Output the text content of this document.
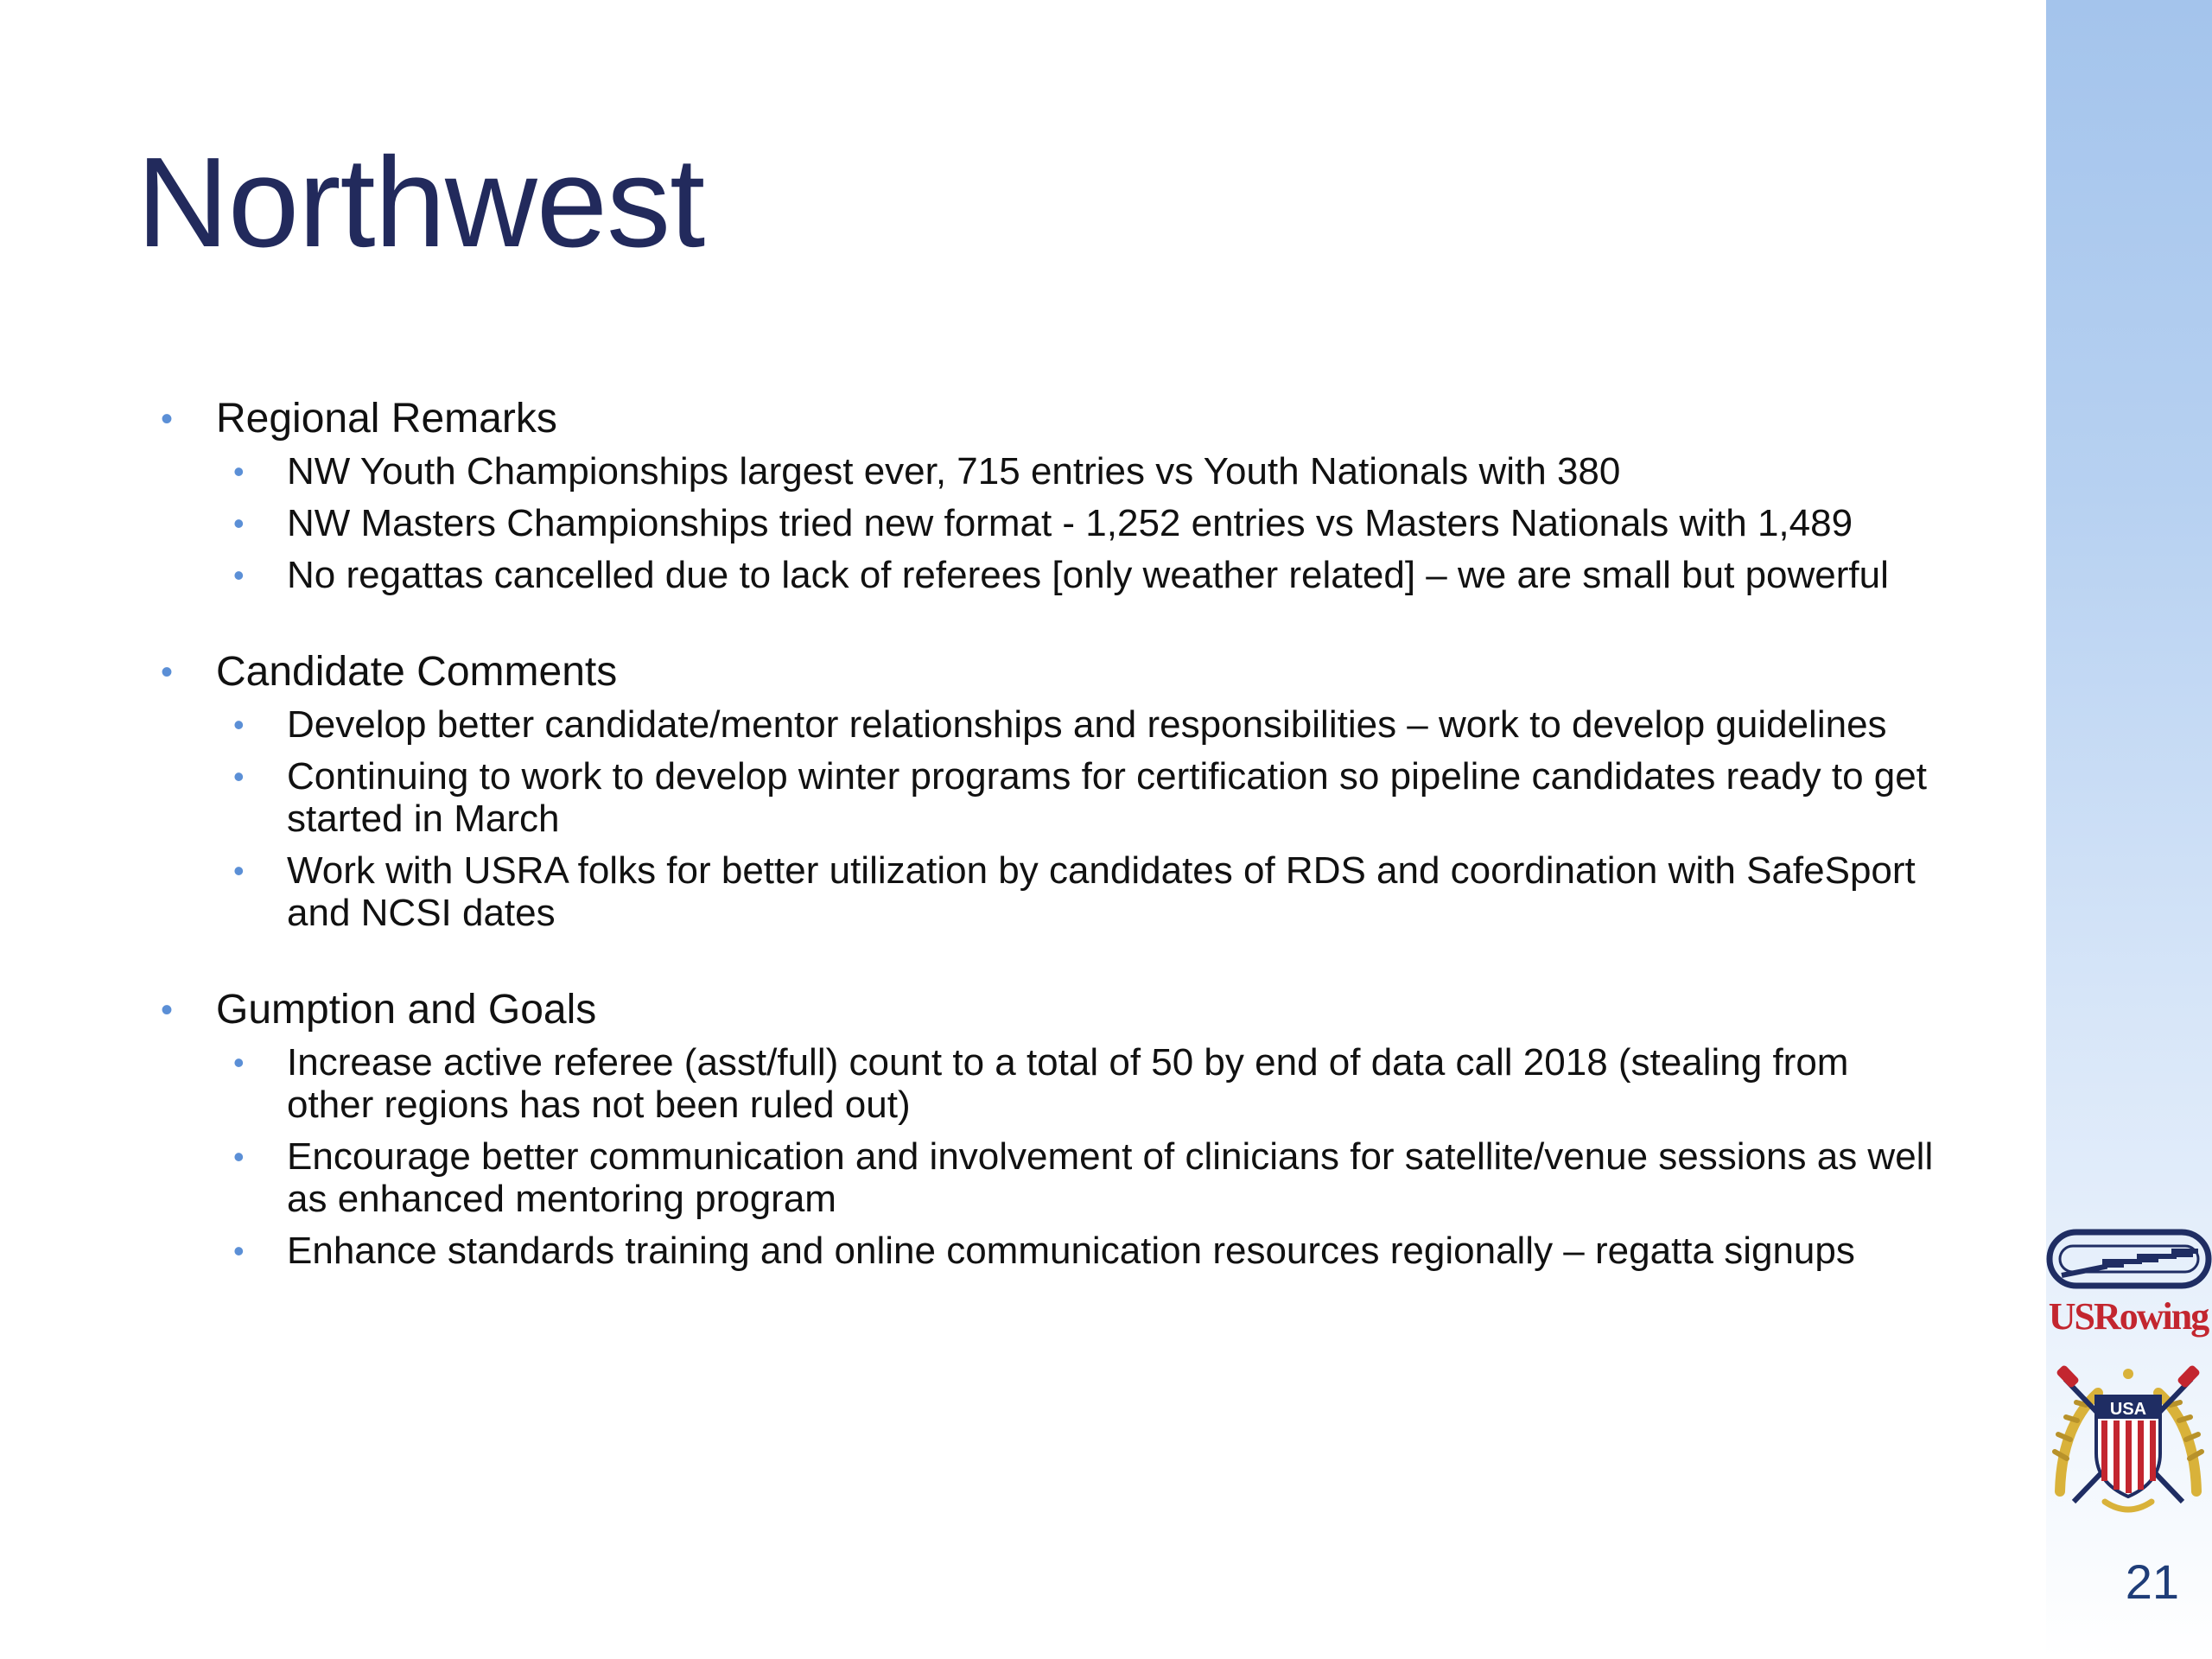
Northwest
• Regional Remarks
• NW Youth Championships largest ever, 715 entries vs Youth Nationals with 380
• NW Masters Championships tried new format - 1,252 entries vs Masters Nationals with 1,489
• No regattas cancelled due to lack of referees [only weather related] – we are small but powerful
• Candidate Comments
• Develop better candidate/mentor relationships and responsibilities – work to develop guidelines
• Continuing to work to develop winter programs for certification so pipeline candidates ready to get started in March
• Work with USRA folks for better utilization by candidates of RDS and coordination with SafeSport and NCSI dates
• Gumption and Goals
• Increase active referee (asst/full) count to a total of 50 by end of data call 2018 (stealing from other regions has not been ruled out)
• Encourage better communication and involvement of clinicians for satellite/venue sessions as well as enhanced mentoring program
• Enhance standards training and online communication resources regionally – regatta signups
USRowing
USA
21
